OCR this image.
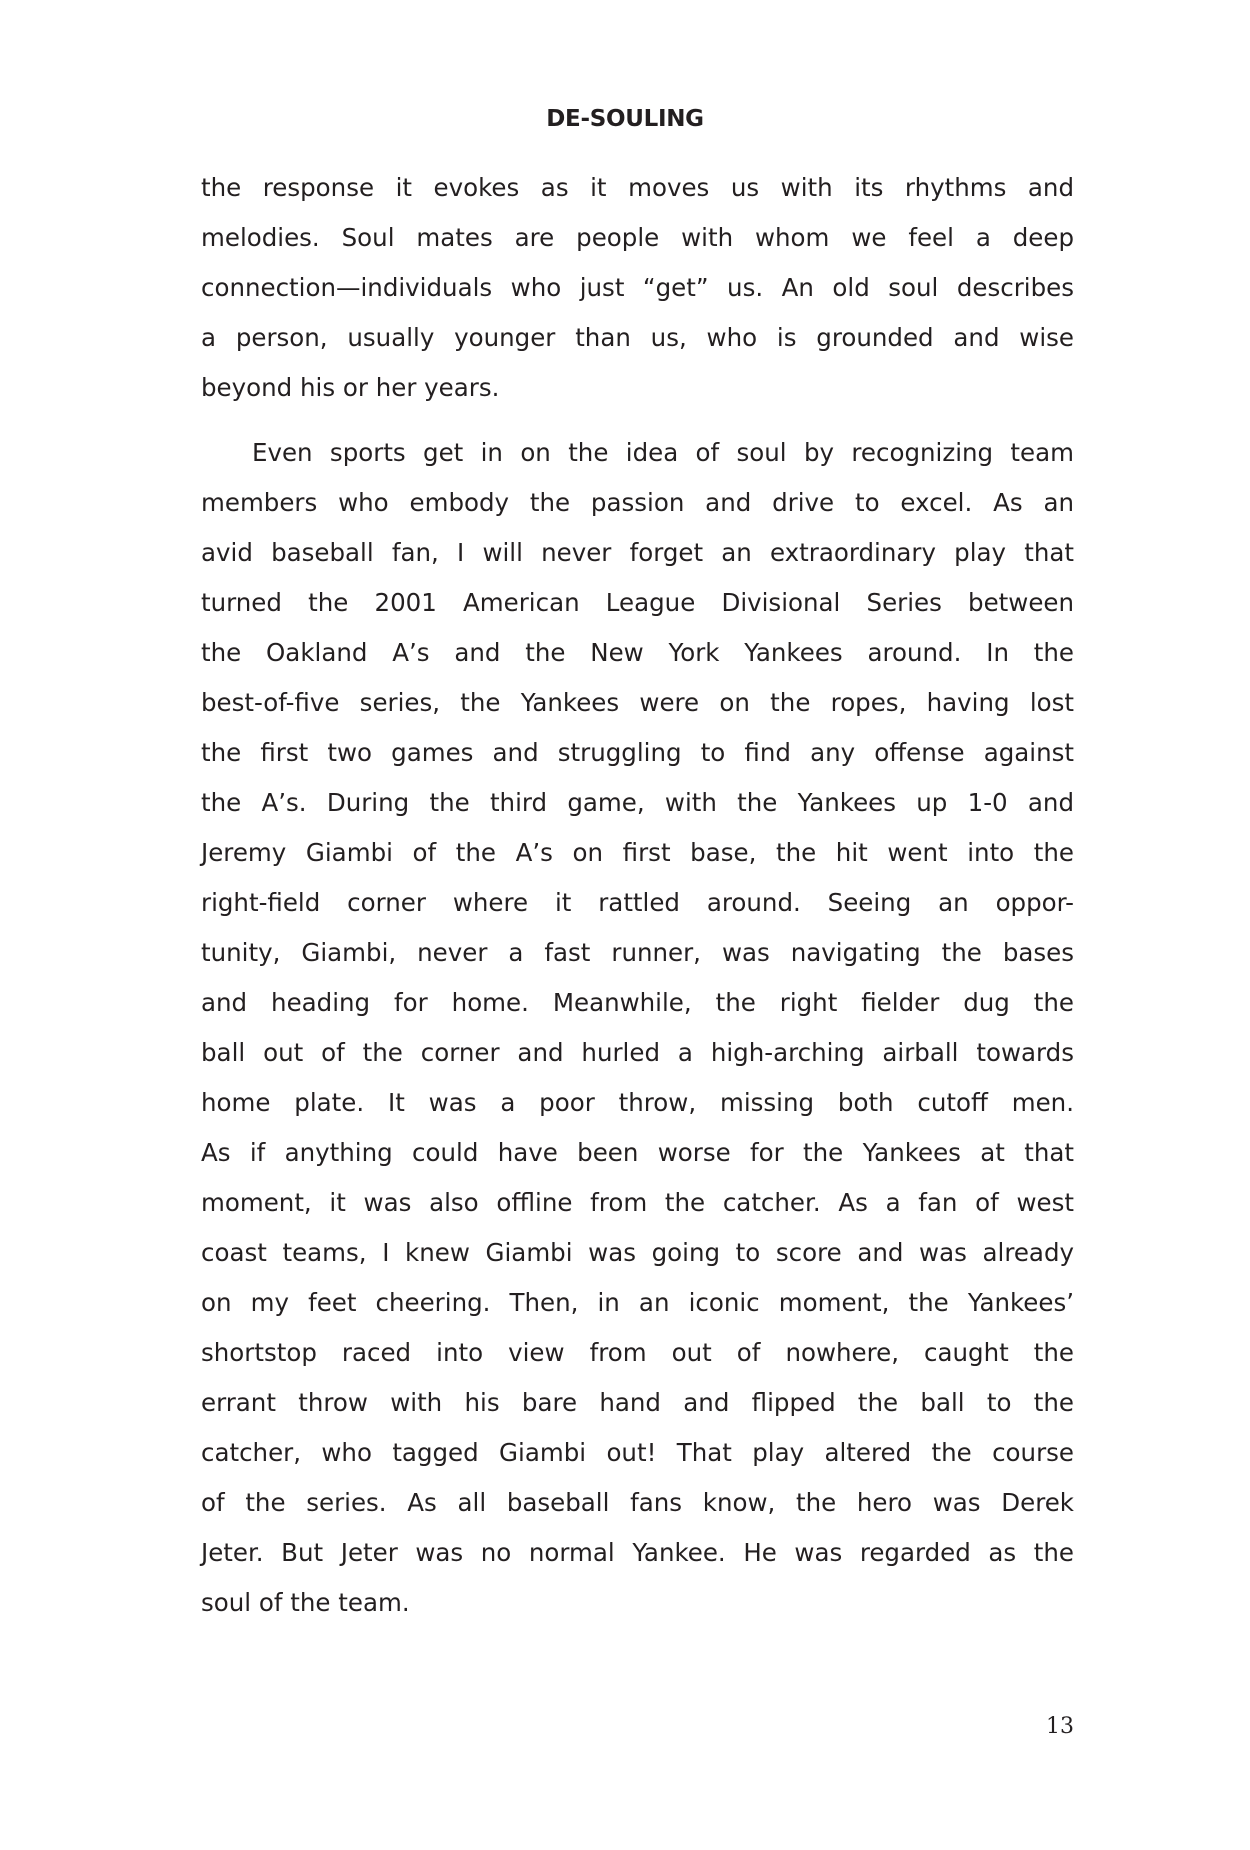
DE-SOULING
the response it evokes as it moves us with its rhythms and
melodies. Soul mates are people with whom we feel a deep
connection—individuals who just “get” us. An old soul describes
a person, usually younger than us, who is grounded and wise
beyond his or her years.
Even sports get in on the idea of soul by recognizing team
members who embody the passion and drive to excel. As an
avid baseball fan, I will never forget an extraordinary play that
turned the 2001 American League Divisional Series between
the Oakland A’s and the New York Yankees around. In the
best-of-five series, the Yankees were on the ropes, having lost
the first two games and struggling to find any offense against
the A’s. During the third game, with the Yankees up 1-0 and
Jeremy Giambi of the A’s on first base, the hit went into the
right-field corner where it rattled around. Seeing an oppor-
tunity, Giambi, never a fast runner, was navigating the bases
and heading for home. Meanwhile, the right fielder dug the
ball out of the corner and hurled a high-arching airball towards
home plate. It was a poor throw, missing both cutoff men.
As if anything could have been worse for the Yankees at that
moment, it was also offline from the catcher. As a fan of west
coast teams, I knew Giambi was going to score and was already
on my feet cheering. Then, in an iconic moment, the Yankees’
shortstop raced into view from out of nowhere, caught the
errant throw with his bare hand and flipped the ball to the
catcher, who tagged Giambi out! That play altered the course
of the series. As all baseball fans know, the hero was Derek
Jeter. But Jeter was no normal Yankee. He was regarded as the
soul of the team.
13
